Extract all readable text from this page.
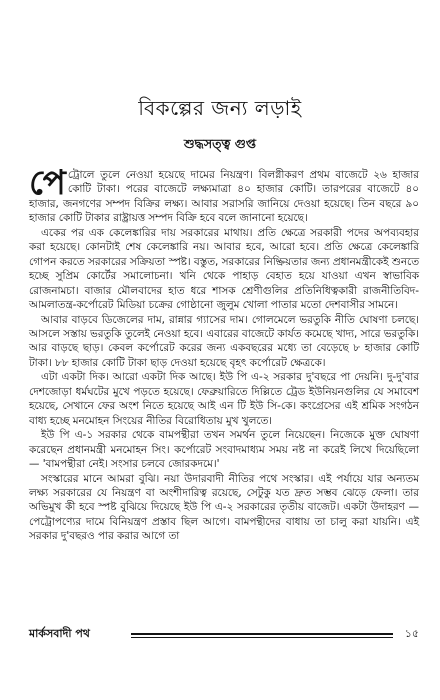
বিকল্পের জন্য লড়াই
শুদ্ধসত্ত্ব গুপ্ত

পেট্রোলে তুলে নেওয়া হয়েছে দামের নিয়ন্ত্রণ। বিলগ্নীকরণ প্রথম বাজেটে ২৬ হাজার কোটি টাকা। পরের বাজেটে লক্ষ্যমাত্রা ৪০ হাজার কোটি। তারপরের বাজেটে ৪০ হাজার, জনগণের সম্পদ বিক্রির লক্ষ্য। আবার সরাসরি জানিয়ে দেওয়া হয়েছে। তিন বছরে ৯০ হাজার কোটি টাকার রাষ্ট্রায়ত্ত সম্পদ বিক্রি হবে বলে জানানো হয়েছে।

একের পর এক কেলেঙ্কারির দায় সরকারের মাথায়। প্রতি ক্ষেত্রে সরকারী পদের অপব্যবহার করা হয়েছে। কোনটাই শেষ কেলেঙ্কারি নয়। আবার হবে, আরো হবে। প্রতি ক্ষেত্রে কেলেঙ্কারি গোপন করতে সরকারের সক্রিয়তা স্পষ্ট। বস্তুত, সরকারের নিষ্ক্রিয়তার জন্য প্রধানমন্ত্রীকেই শুনতে হচ্ছে সুপ্রিম কোর্টের সমালোচনা। খনি থেকে পাহাড় বেহাত হয়ে যাওয়া এখন স্বাভাবিক রোজনামচা। বাজার মৌলবাদের হাত ধরে শাসক শ্রেণীগুলির প্রতিনিধিত্বকারী রাজনীতিবিদ-আমলাতন্ত্র-কর্পোরেট মিডিয়া চক্রের গোষ্ঠানো জুলুম খোলা পাতার মতো দেশবাসীর সামনে।

আবার বাড়বে ডিজেলের দাম, রান্নার গ্যাসের দাম। গোলমেলে ভরতুকি নীতি ঘোষণা চলছে। আসলে সস্তায় ভরতুকি তুলেই নেওয়া হবে। এবারের বাজেটে কার্যত কমেছে খাদ্য, সারে ভরতুকি। আর বাড়ছে ছাড়। কেবল কর্পোরেট করের জন্য একবছরের মধ্যে তা বেড়েছে ৮ হাজার কোটি টাকা। ৮৮ হাজার কোটি টাকা ছাড় দেওয়া হয়েছে বৃহৎ কর্পোরেট ক্ষেত্রকে।

এটা একটা দিক। আরো একটা দিক আছে। ইউ পি এ-২ সরকার দু'বছরে পা দেয়নি। দু-দু'বার দেশজোড়া ধর্মঘটের মুখে পড়তে হয়েছে। ফেব্রুয়ারিতে দিল্লিতে ট্রেড ইউনিয়নগুলির যে সমাবেশ হয়েছে, সেখানে ফের অংশ নিতে হয়েছে আই এন টি ইউ সি-কে। কংগ্রেসের এই শ্রমিক সংগঠন বাধ্য হচ্ছে মনমোহন সিংয়ের নীতির বিরোধিতায় মুখ খুলতে।

ইউ পি এ-১ সরকার থেকে বামপন্থীরা তখন সমর্থন তুলে নিয়েছেন। নিজেকে মুক্ত ঘোষণা করেছেন প্রধানমন্ত্রী মনমোহন সিং। কর্পোরেট সংবাদমাধ্যম সময় নষ্ট না করেই লিখে দিয়েছিলো — 'বামপন্থীরা নেই। সংসার চলবে জোরকদমে।'

সংস্কারের মানে আমরা বুঝি। নয়া উদারবাদী নীতির পথে সংস্কার। এই পর্যায়ে যার অন্যতম লক্ষ্য সরকারের যে নিয়ন্ত্রণ বা অংশীদারিত্ব রয়েছে, সেটুকু যত দ্রুত সম্ভব ঝেড়ে ফেলা। তার অভিমুখ কী হবে স্পষ্ট বুঝিয়ে দিয়েছে ইউ পি এ-২ সরকারের তৃতীয় বাজেট। একটা উদাহরণ — পেট্রোপণ্যের দামে বিনিয়ন্ত্রণ প্রস্তাব ছিল আগে। বামপন্থীদের বাধায় তা চালু করা যায়নি। এই সরকার দু'বছরও পার করার আগে তা

মার্কসবাদী পথ	১৫
